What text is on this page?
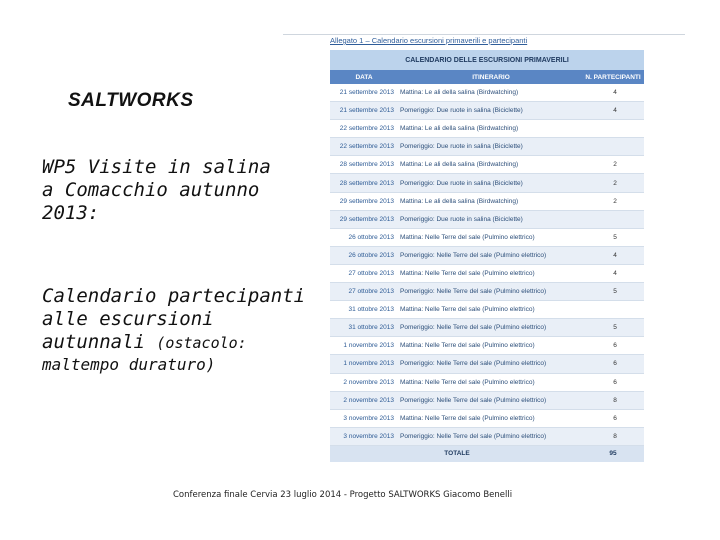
SALTWORKS
WP5 Visite in salina a Comacchio autunno 2013:
Calendario partecipanti alle escursioni autunnali (ostacolo:
maltempo duraturo)
Allegato 1 – Calendario escursioni primaverili e partecipanti
CALENDARIO DELLE ESCURSIONI PRIMAVERILI
DATA	ITINERARIO	N. PARTECIPANTI
21 settembre 2013 Mattina: Le ali della salina (Birdwatching)	4
21 settembre 2013 Pomeriggio: Due ruote in salina (Biciclette)	4
22 settembre 2013 Mattina: Le ali della salina (Birdwatching)
22 settembre 2013 Pomeriggio: Due ruote in salina (Biciclette)
28 settembre 2013 Mattina: Le ali della salina (Birdwatching)	2
28 settembre 2013 Pomeriggio: Due ruote in salina (Biciclette)	2
29 settembre 2013 Mattina: Le ali della salina (Birdwatching)	2
29 settembre 2013 Pomeriggio: Due ruote in salina (Biciclette)
26 ottobre 2013 Mattina: Nelle Terre del sale (Pulmino elettrico)	5
26 ottobre 2013 Pomeriggio: Nelle Terre del sale (Pulmino elettrico)	4
27 ottobre 2013 Mattina: Nelle Terre del sale (Pulmino elettrico)	4
27 ottobre 2013 Pomeriggio: Nelle Terre del sale (Pulmino elettrico)	5
31 ottobre 2013 Mattina: Nelle Terre del sale (Pulmino elettrico)
31 ottobre 2013 Pomeriggio: Nelle Terre del sale (Pulmino elettrico)	5
1 novembre 2013 Mattina: Nelle Terre del sale (Pulmino elettrico)	6
1 novembre 2013 Pomeriggio: Nelle Terre del sale (Pulmino elettrico)	6
2 novembre 2013 Mattina: Nelle Terre del sale (Pulmino elettrico)	6
2 novembre 2013 Pomeriggio: Nelle Terre del sale (Pulmino elettrico)	8
3 novembre 2013 Mattina: Nelle Terre del sale (Pulmino elettrico)	6
3 novembre 2013 Pomeriggio: Nelle Terre del sale (Pulmino elettrico)	8
TOTALE	95
Conferenza finale Cervia 23 luglio 2014 - Progetto SALTWORKS Giacomo Benelli
